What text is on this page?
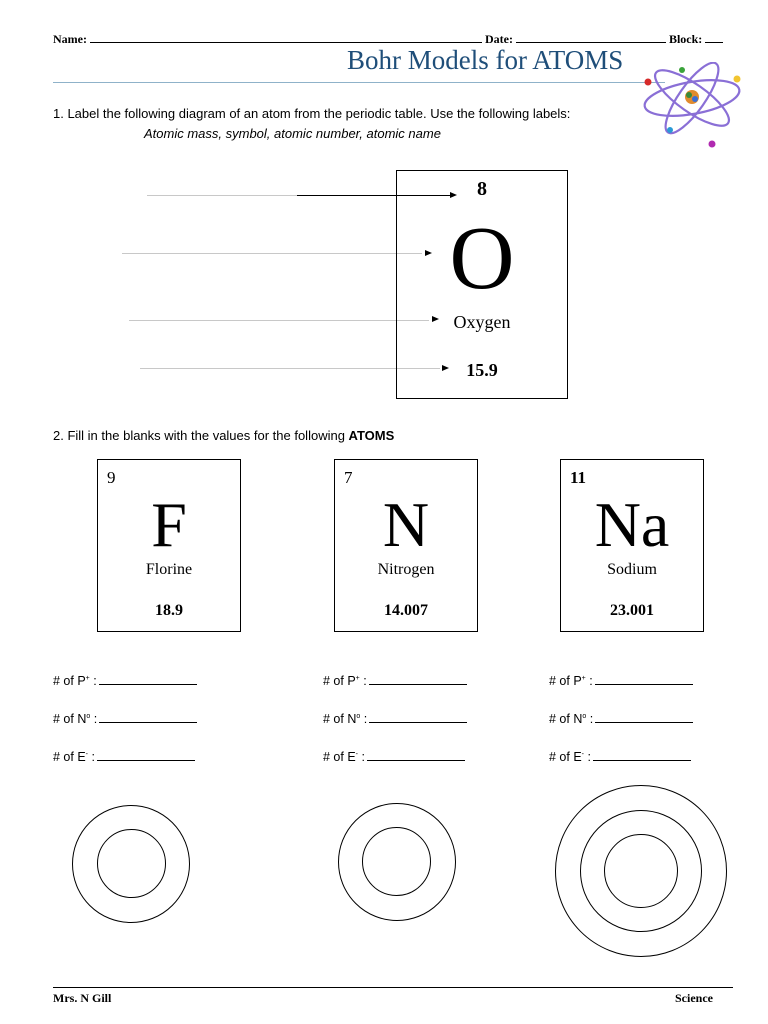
Name:	Date:	Block:
Bohr Models for ATOMS
1. Label the following diagram of an atom from the periodic table. Use the following labels:
Atomic mass, symbol, atomic number, atomic name
8
O
Oxygen
15.9
2. Fill in the blanks with the values for the following ATOMS
9
F
Florine
18.9
7
N
Nitrogen
14.007
11
Na
Sodium
23.001
# of P+ :
# of $N^o$ :
# of E- :
# of P+ :
# of $N^o$ :
# of E- :
# of P+ :
# of $N^o$ :
# of E- :
Mrs. N Gill	Science
